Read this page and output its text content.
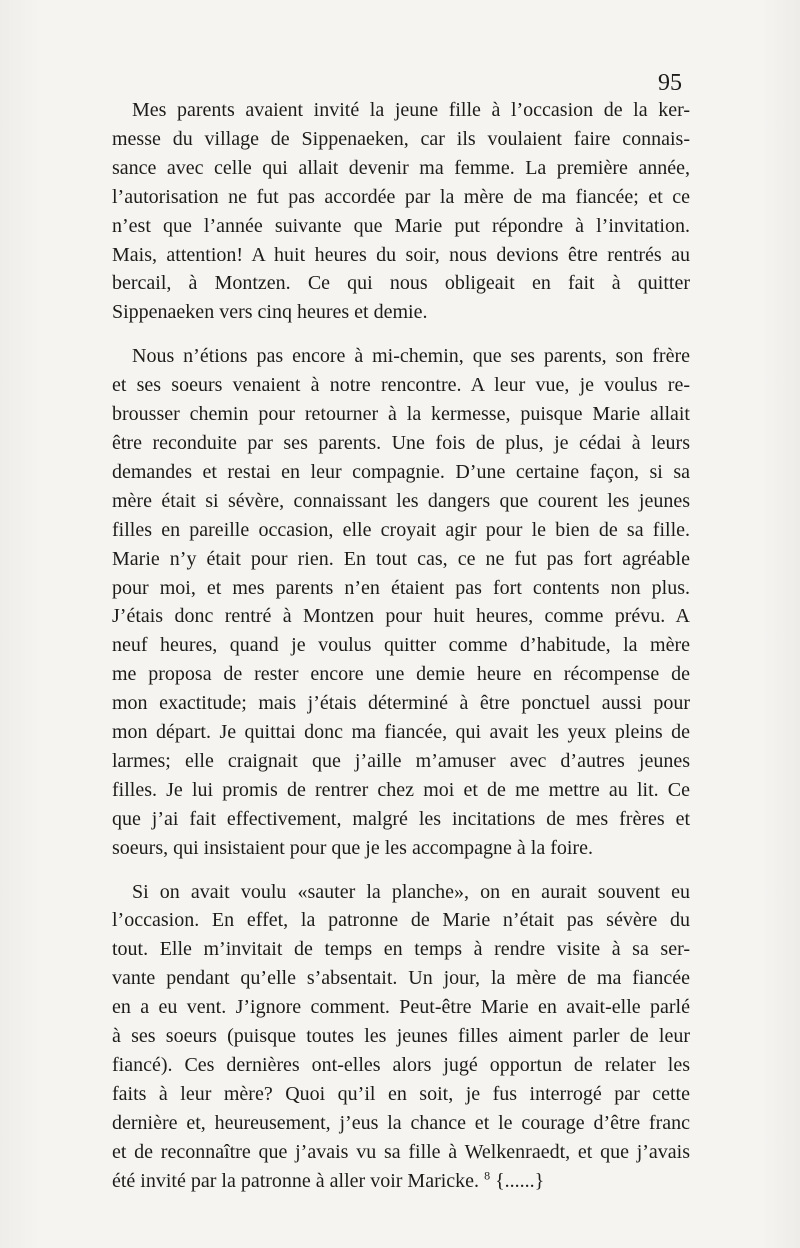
95

Mes parents avaient invité la jeune fille à l’occasion de la ker-
messe du village de Sippenaeken, car ils voulaient faire connais-
sance avec celle qui allait devenir ma femme. La première année,
l’autorisation ne fut pas accordée par la mère de ma fiancée; et ce
n’est que l’année suivante que Marie put répondre à l’invitation.
Mais, attention! A huit heures du soir, nous devions être rentrés au
bercail, à Montzen. Ce qui nous obligeait en fait à quitter
Sippenaeken vers cinq heures et demie.

Nous n’étions pas encore à mi-chemin, que ses parents, son frère
et ses soeurs venaient à notre rencontre. A leur vue, je voulus re-
brousser chemin pour retourner à la kermesse, puisque Marie allait
être reconduite par ses parents. Une fois de plus, je cédai à leurs
demandes et restai en leur compagnie. D’une certaine façon, si sa
mère était si sévère, connaissant les dangers que courent les jeunes
filles en pareille occasion, elle croyait agir pour le bien de sa fille.
Marie n’y était pour rien. En tout cas, ce ne fut pas fort agréable
pour moi, et mes parents n’en étaient pas fort contents non plus.
J’étais donc rentré à Montzen pour huit heures, comme prévu. A
neuf heures, quand je voulus quitter comme d’habitude, la mère
me proposa de rester encore une demie heure en récompense de
mon exactitude; mais j’étais déterminé à être ponctuel aussi pour
mon départ. Je quittai donc ma fiancée, qui avait les yeux pleins de
larmes; elle craignait que j’aille m’amuser avec d’autres jeunes
filles. Je lui promis de rentrer chez moi et de me mettre au lit. Ce
que j’ai fait effectivement, malgré les incitations de mes frères et
soeurs, qui insistaient pour que je les accompagne à la foire.

Si on avait voulu «sauter la planche», on en aurait souvent eu
l’occasion. En effet, la patronne de Marie n’était pas sévère du
tout. Elle m’invitait de temps en temps à rendre visite à sa ser-
vante pendant qu’elle s’absentait. Un jour, la mère de ma fiancée
en a eu vent. J’ignore comment. Peut-être Marie en avait-elle parlé
à ses soeurs (puisque toutes les jeunes filles aiment parler de leur
fiancé). Ces dernières ont-elles alors jugé opportun de relater les
faits à leur mère? Quoi qu’il en soit, je fus interrogé par cette
dernière et, heureusement, j’eus la chance et le courage d’être franc
et de reconnaître que j’avais vu sa fille à Welkenraedt, et que j’avais
été invité par la patronne à aller voir Maricke. $^8$ {......}
